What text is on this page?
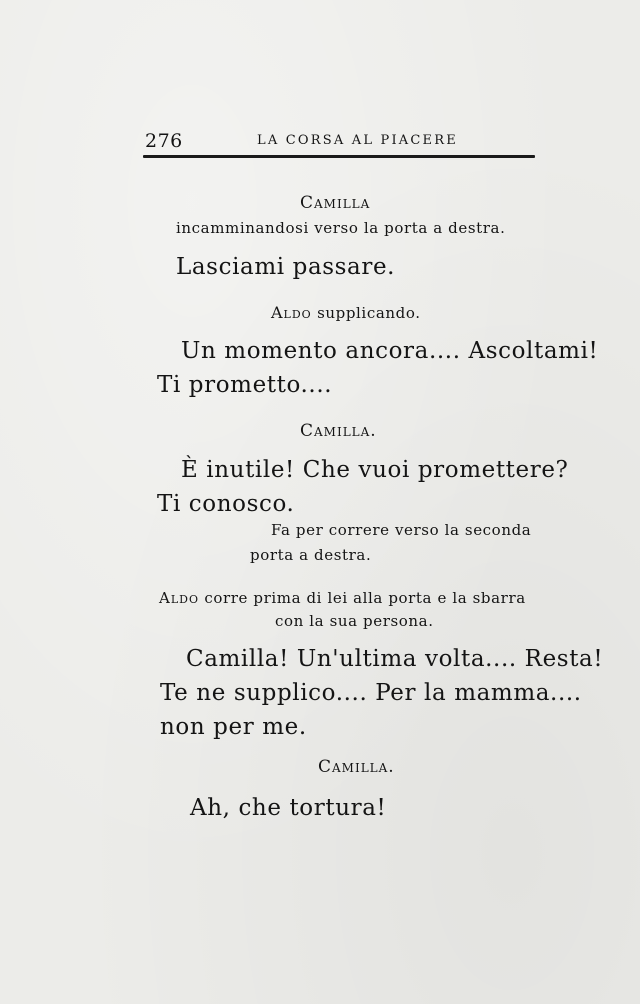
276	LA CORSA AL PIACERE
Camilla
incamminandosi verso la porta a destra.
Lasciami passare.
Aldo supplicando.
Un momento ancora.... Ascoltami!
Ti prometto....
Camilla.
È inutile! Che vuoi promettere?
Ti conosco.
Fa per correre verso la seconda
porta a destra.
Aldo corre prima di lei alla porta e la sbarra
con la sua persona.
Camilla! Un'ultima volta.... Resta!
Te ne supplico.... Per la mamma....
non per me.
Camilla.
Ah, che tortura!
